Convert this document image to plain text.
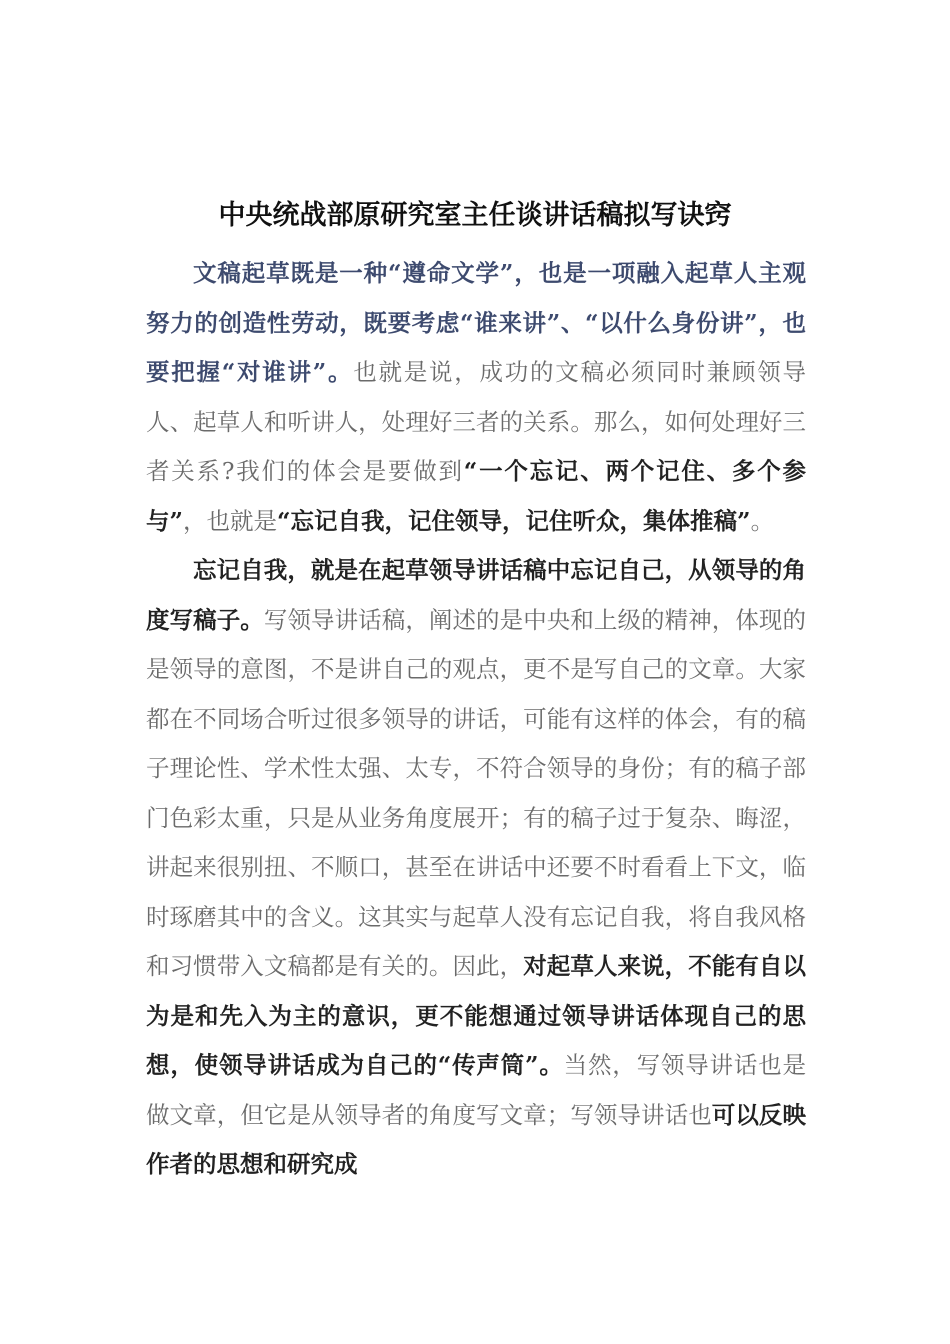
中央统战部原研究室主任谈讲话稿拟写诀窍

文稿起草既是一种“遵命文学”，也是一项融入起草人主观努力的创造性劳动，既要考虑“谁来讲”、“以什么身份讲”，也要把握“对谁讲”。也就是说，成功的文稿必须同时兼顾领导人、起草人和听讲人，处理好三者的关系。那么，如何处理好三者关系?我们的体会是要做到“一个忘记、两个记住、多个参与”，也就是“忘记自我，记住领导，记住听众，集体推稿”。

忘记自我，就是在起草领导讲话稿中忘记自己，从领导的角度写稿子。写领导讲话稿，阐述的是中央和上级的精神，体现的是领导的意图，不是讲自己的观点，更不是写自己的文章。大家都在不同场合听过很多领导的讲话，可能有这样的体会，有的稿子理论性、学术性太强、太专，不符合领导的身份；有的稿子部门色彩太重，只是从业务角度展开；有的稿子过于复杂、晦涩，讲起来很别扭、不顺口，甚至在讲话中还要不时看看上下文，临时琢磨其中的含义。这其实与起草人没有忘记自我，将自我风格和习惯带入文稿都是有关的。因此，对起草人来说，不能有自以为是和先入为主的意识，更不能想通过领导讲话体现自己的思想，使领导讲话成为自己的“传声筒”。当然，写领导讲话也是做文章，但它是从领导者的角度写文章；写领导讲话也可以反映作者的思想和研究成
